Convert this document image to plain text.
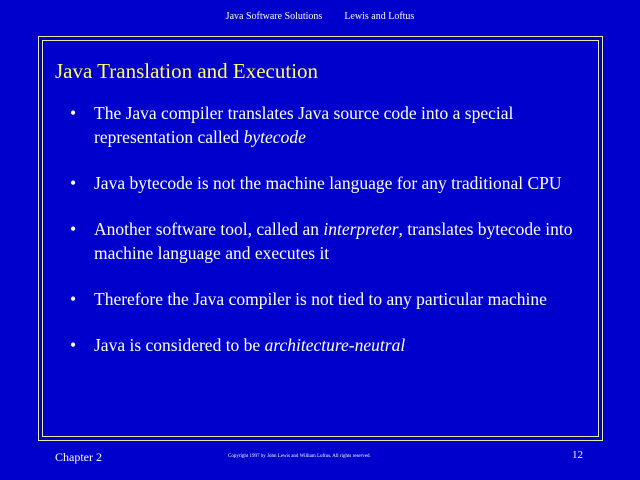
Java Software Solutions Lewis and Loftus
Java Translation and Execution
• The Java compiler translates Java source code into a special representation called bytecode
• Java bytecode is not the machine language for any traditional CPU
• Another software tool, called an interpreter, translates bytecode into machine language and executes it
• Therefore the Java compiler is not tied to any particular machine
• Java is considered to be architecture-neutral
Chapter 2	Copyright 1997 by John Lewis and William Loftus. All rights reserved.	12
